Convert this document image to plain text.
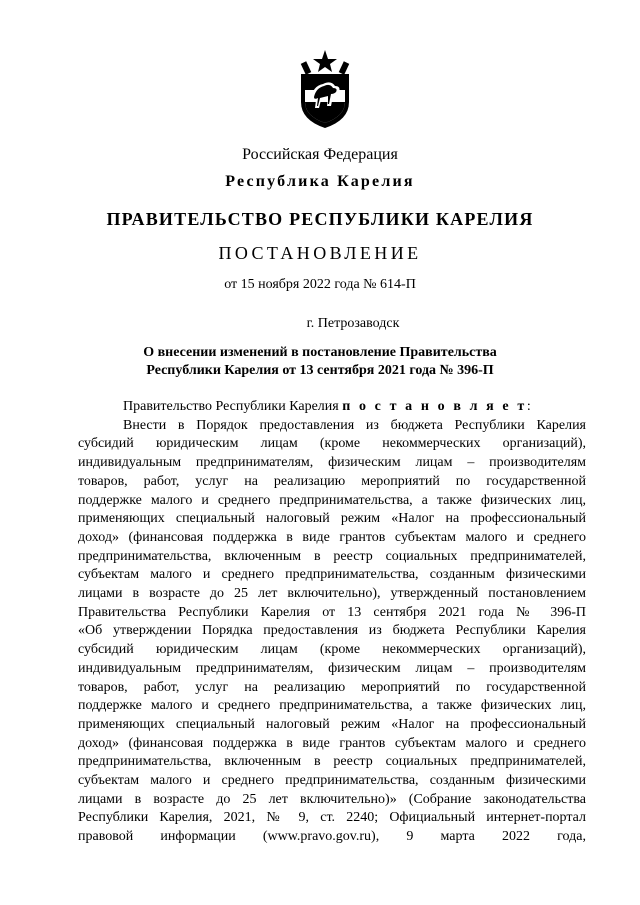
Российская Федерация
Республика Карелия
ПРАВИТЕЛЬСТВО РЕСПУБЛИКИ КАРЕЛИЯ
ПОСТАНОВЛЕНИЕ
от 15 ноября 2022 года № 614-П
г. Петрозаводск
О внесении изменений в постановление Правительства
Республики Карелия от 13 сентября 2021 года № 396-П

Правительство Республики Карелия п о с т а н о в л я е т:

Внести в Порядок предоставления из бюджета Республики Карелия
субсидий юридическим лицам (кроме некоммерческих организаций),
индивидуальным предпринимателям, физическим лицам – производителям
товаров, работ, услуг на реализацию мероприятий по государственной
поддержке малого и среднего предпринимательства, а также физических лиц,
применяющих специальный налоговый режим «Налог на профессиональный
доход» (финансовая поддержка в виде грантов субъектам малого и среднего
предпринимательства, включенным в реестр социальных предпринимателей,
субъектам малого и среднего предпринимательства, созданным физическими
лицами в возрасте до 25 лет включительно), утвержденный постановлением
Правительства Республики Карелия от 13 сентября 2021 года № 396-П
«Об утверждении Порядка предоставления из бюджета Республики Карелия
субсидий юридическим лицам (кроме некоммерческих организаций),
индивидуальным предпринимателям, физическим лицам – производителям
товаров, работ, услуг на реализацию мероприятий по государственной
поддержке малого и среднего предпринимательства, а также физических лиц,
применяющих специальный налоговый режим «Налог на профессиональный
доход» (финансовая поддержка в виде грантов субъектам малого и среднего
предпринимательства, включенным в реестр социальных предпринимателей,
субъектам малого и среднего предпринимательства, созданным физическими
лицами в возрасте до 25 лет включительно)» (Собрание законодательства
Республики Карелия, 2021, № 9, ст. 2240; Официальный интернет-портал
правовой информации (www.pravo.gov.ru), 9 марта 2022 года,
